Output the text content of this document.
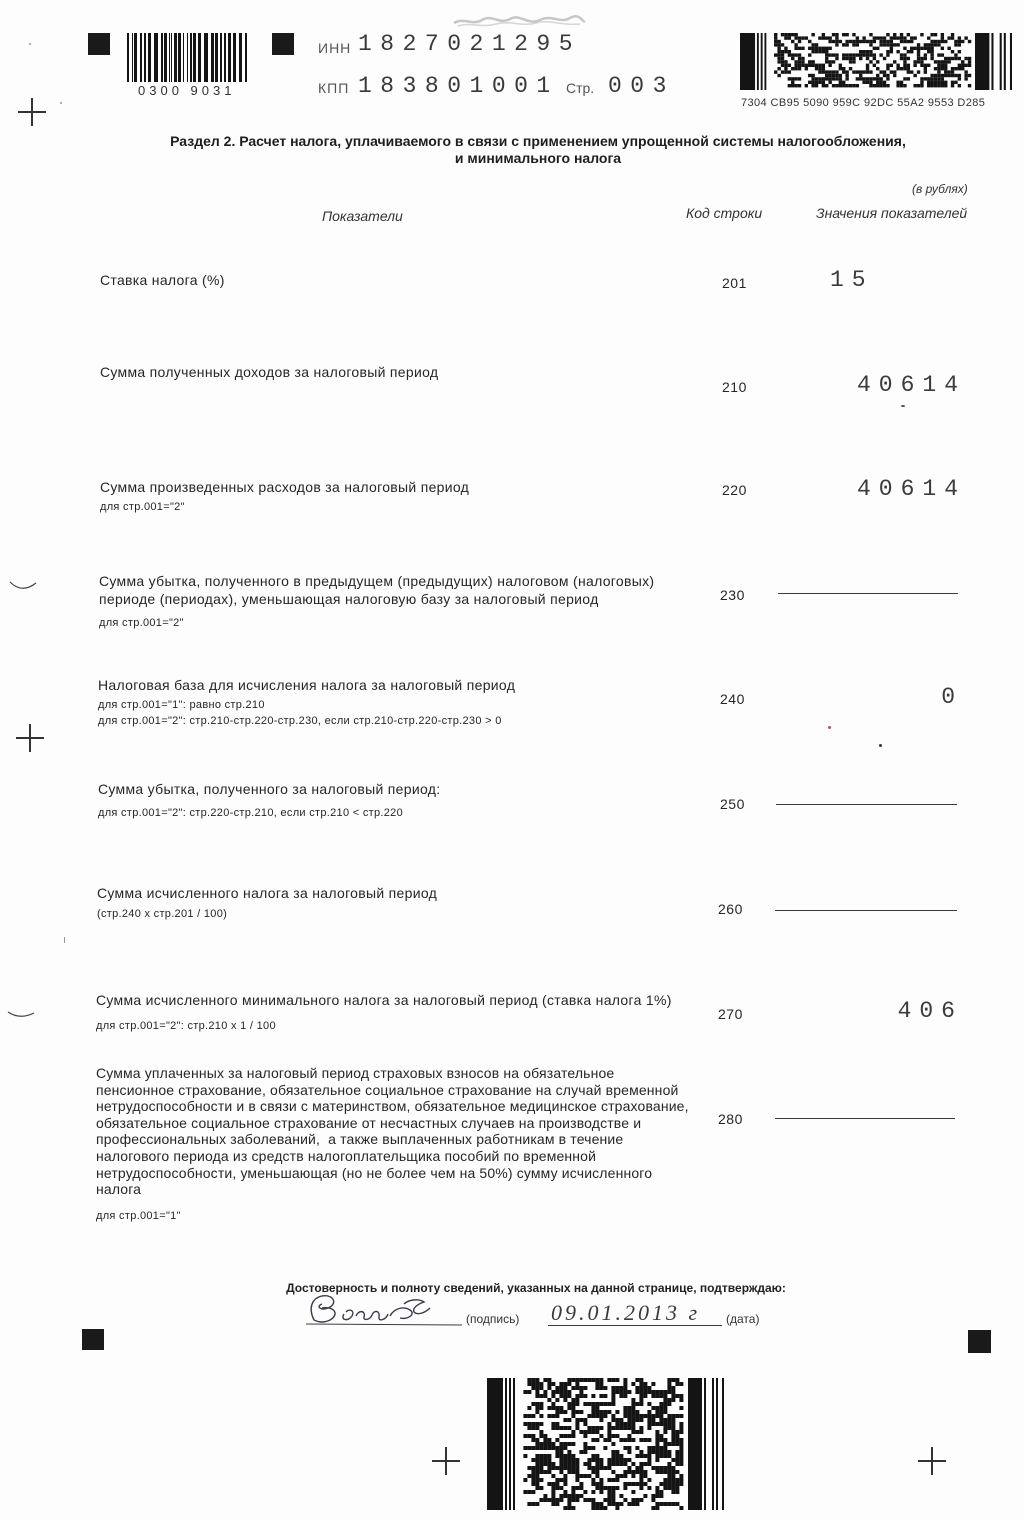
0300 9031
ИНН 1827021295
КПП 183801001 Стр. 003
7304 CB95 5090 959C 92DC 55A2 9553 D285
Раздел 2. Расчет налога, уплачиваемого в связи с применением упрощенной системы налогообложения,
и минимального налога
(в рублях)
Показатели	Код строки	Значения показателей
Ставка налога (%)	201	15
Сумма полученных доходов за налоговый период
210	40614
Сумма произведенных расходов за налоговый период
для стр.001="2"
220	40614
Сумма убытка, полученного в предыдущем (предыдущих) налоговом (налоговых)
периоде (периодах), уменьшающая налоговую базу за налоговый период
для стр.001="2"
230
Налоговая база для исчисления налога за налоговый период
для стр.001="1": равно стр.210
для стр.001="2": стр.210-стр.220-стр.230, если стр.210-стр.220-стр.230 > 0
240	0
Сумма убытка, полученного за налоговый период:
для стр.001="2": стр.220-стр.210, если стр.210 < стр.220
250
Сумма исчисленного налога за налоговый период
(стр.240 x стр.201 / 100)	260
Сумма исчисленного минимального налога за налоговый период (ставка налога 1%)
для стр.001="2": стр.210 x 1 / 100
270	406
Сумма уплаченных за налоговый период страховых взносов на обязательное
пенсионное страхование, обязательное социальное страхование на случай временной
нетрудоспособности и в связи с материнством, обязательное медицинское страхование,
обязательное социальное страхование от несчастных случаев на производстве и
профессиональных заболеваний,  а также выплаченных работникам в течение
налогового периода из средств налогоплательщика пособий по временной
нетрудоспособности, уменьшающая (но не более чем на 50%) сумму исчисленного
налога
для стр.001="1"
280
Достоверность и полноту сведений, указанных на данной странице, подтверждаю:
(подпись) 09.01.2013 г (дата)
